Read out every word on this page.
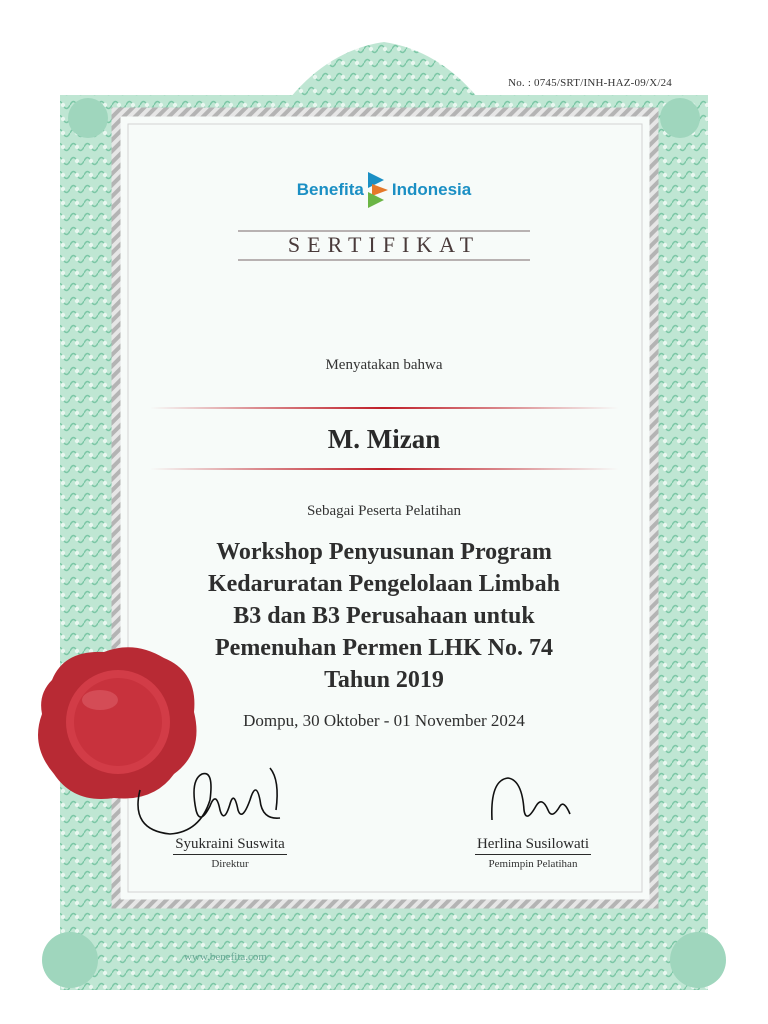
No. : 0745/SRT/INH-HAZ-09/X/24
Benefita Indonesia
SERTIFIKAT
Menyatakan bahwa
M. Mizan
Sebagai Peserta Pelatihan
Workshop Penyusunan Program
Kedaruratan Pengelolaan Limbah
B3 dan B3 Perusahaan untuk
Pemenuhan Permen LHK No. 74
Tahun 2019
Dompu, 30 Oktober - 01 November 2024
Syukraini Suswita
Direktur
Herlina Susilowati
Pemimpin Pelatihan
www.benefita.com
